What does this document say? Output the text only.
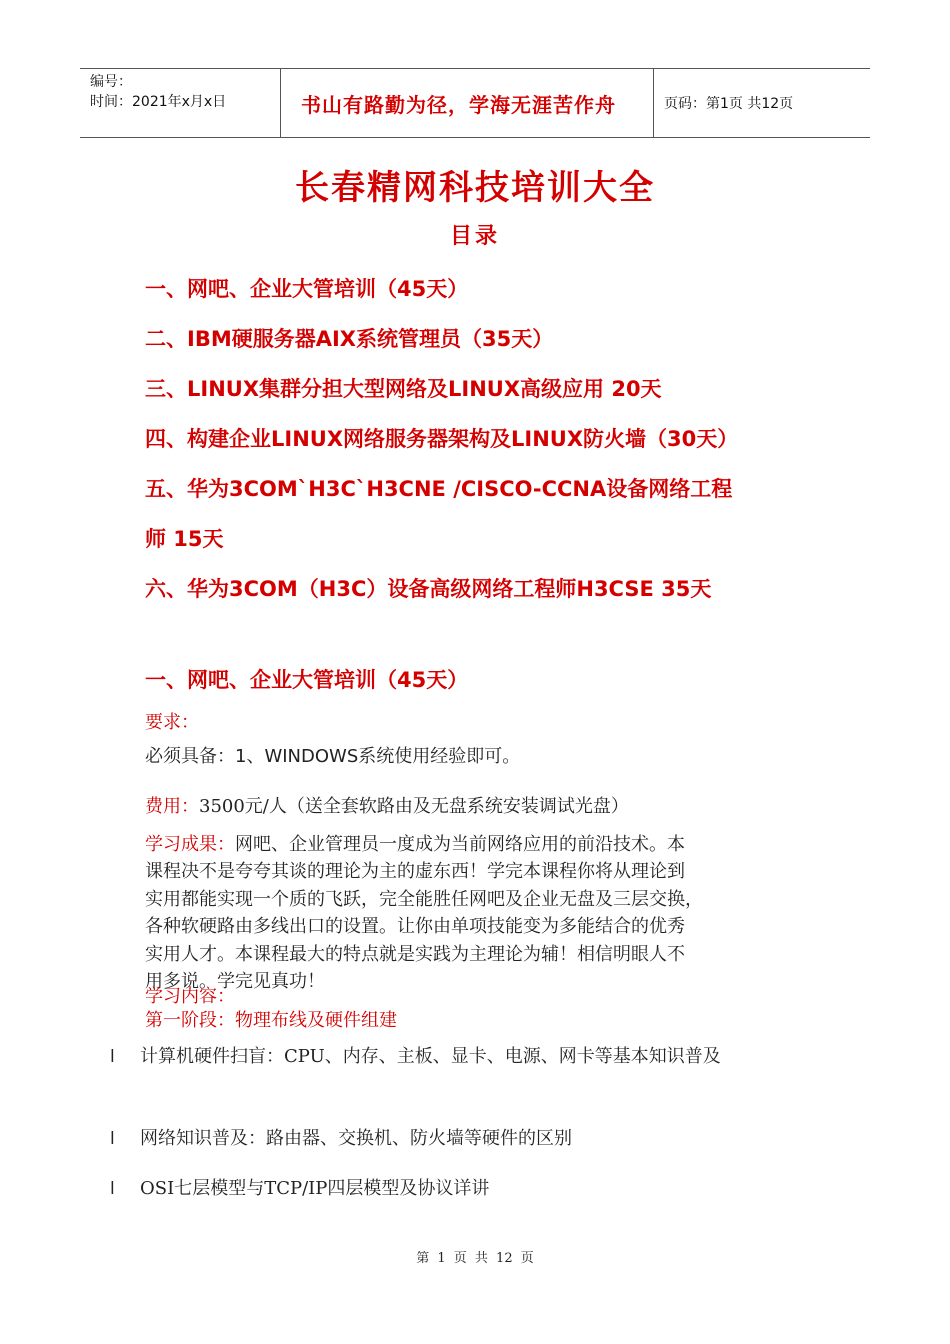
编号：
时间：2021年x月x日	书山有路勤为径，学海无涯苦作舟	页码：第1页 共12页
长春精网科技培训大全
目录
一、网吧、企业大管培训（45天）
二、IBM硬服务器AIX系统管理员（35天）
三、LINUX集群分担大型网络及LINUX高级应用 20天
四、构建企业LINUX网络服务器架构及LINUX防火墙（30天）
五、华为3COM`H3C`H3CNE /CISCO-CCNA设备网络工程
师 15天
六、华为3COM（H3C）设备高级网络工程师H3CSE 35天
一、网吧、企业大管培训（45天）
要求：
必须具备：1、WINDOWS系统使用经验即可。
费用：3500元/人（送全套软路由及无盘系统安装调试光盘）
学习成果：网吧、企业管理员一度成为当前网络应用的前沿技术。本
课程决不是夸夸其谈的理论为主的虚东西！学完本课程你将从理论到
实用都能实现一个质的飞跃，完全能胜任网吧及企业无盘及三层交换，
各种软硬路由多线出口的设置。让你由单项技能变为多能结合的优秀
实用人才。本课程最大的特点就是实践为主理论为辅！相信明眼人不
用多说。学完见真功！
学习内容：
第一阶段：物理布线及硬件组建
l 计算机硬件扫盲：CPU、内存、主板、显卡、电源、网卡等基本知识普及
l 网络知识普及：路由器、交换机、防火墙等硬件的区别
l OSI七层模型与TCP/IP四层模型及协议详讲
第 1 页 共 12 页
